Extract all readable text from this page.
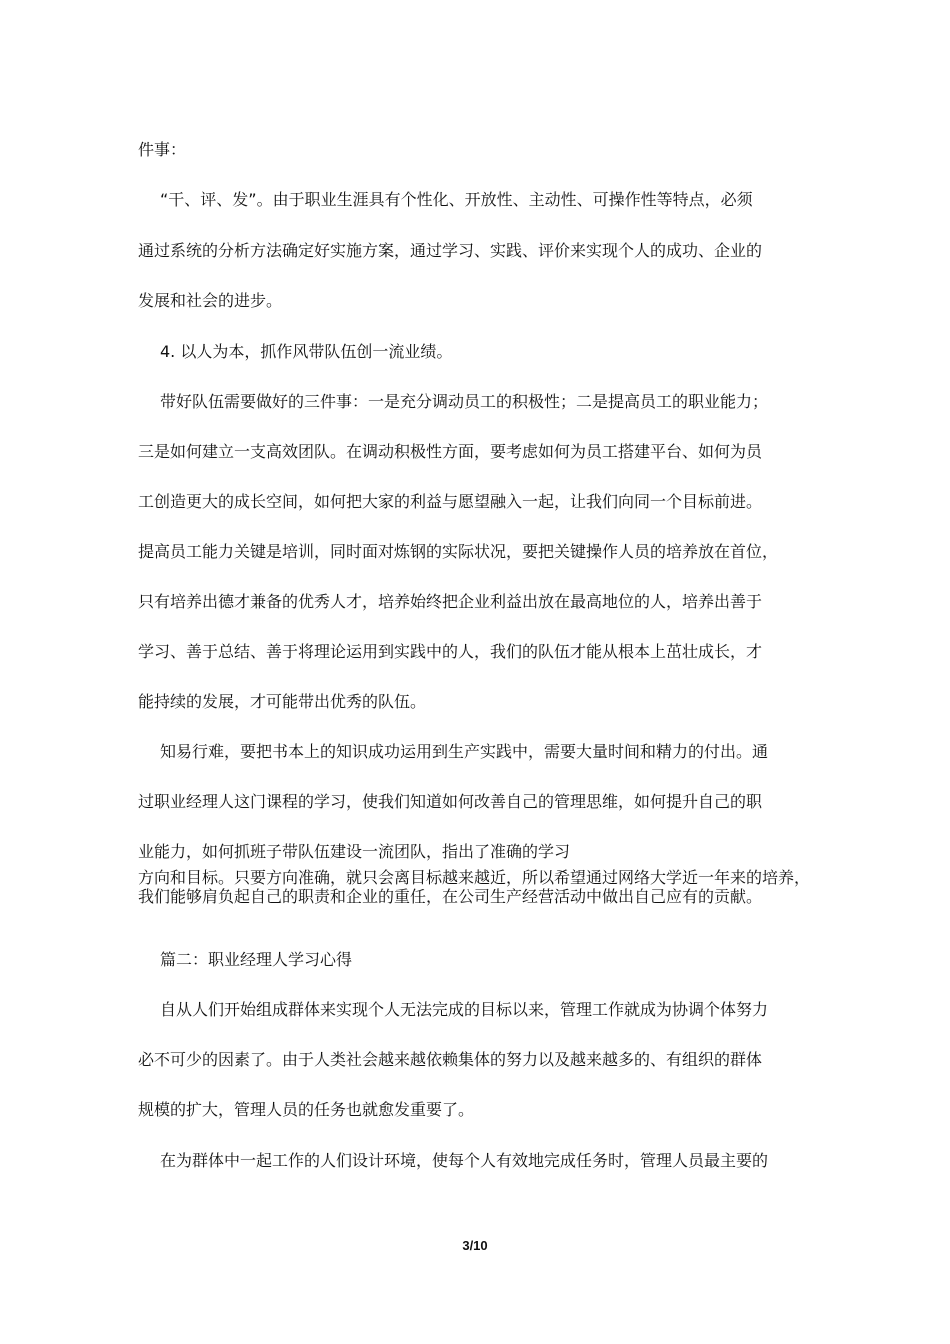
件事：
“干、评、发”。由于职业生涯具有个性化、开放性、主动性、可操作性等特点，必须
通过系统的分析方法确定好实施方案，通过学习、实践、评价来实现个人的成功、企业的
发展和社会的进步。
4. 以人为本，抓作风带队伍创一流业绩。
带好队伍需要做好的三件事：一是充分调动员工的积极性；二是提高员工的职业能力；
三是如何建立一支高效团队。在调动积极性方面，要考虑如何为员工搭建平台、如何为员
工创造更大的成长空间，如何把大家的利益与愿望融入一起，让我们向同一个目标前进。
提高员工能力关键是培训，同时面对炼钢的实际状况，要把关键操作人员的培养放在首位，
只有培养出德才兼备的优秀人才，培养始终把企业利益出放在最高地位的人，培养出善于
学习、善于总结、善于将理论运用到实践中的人，我们的队伍才能从根本上茁壮成长，才
能持续的发展，才可能带出优秀的队伍。
知易行难，要把书本上的知识成功运用到生产实践中，需要大量时间和精力的付出。通
过职业经理人这门课程的学习，使我们知道如何改善自己的管理思维，如何提升自己的职
业能力，如何抓班子带队伍建设一流团队，指出了准确的学习
方向和目标。只要方向准确，就只会离目标越来越近，所以希望通过网络大学近一年来的培养，我们能够肩负起自己的职责和企业的重任，在公司生产经营活动中做出自己应有的贡献。
篇二：职业经理人学习心得
自从人们开始组成群体来实现个人无法完成的目标以来，管理工作就成为协调个体努力
必不可少的因素了。由于人类社会越来越依赖集体的努力以及越来越多的、有组织的群体
规模的扩大，管理人员的任务也就愈发重要了。
在为群体中一起工作的人们设计环境，使每个人有效地完成任务时，管理人员最主要的
3/10
